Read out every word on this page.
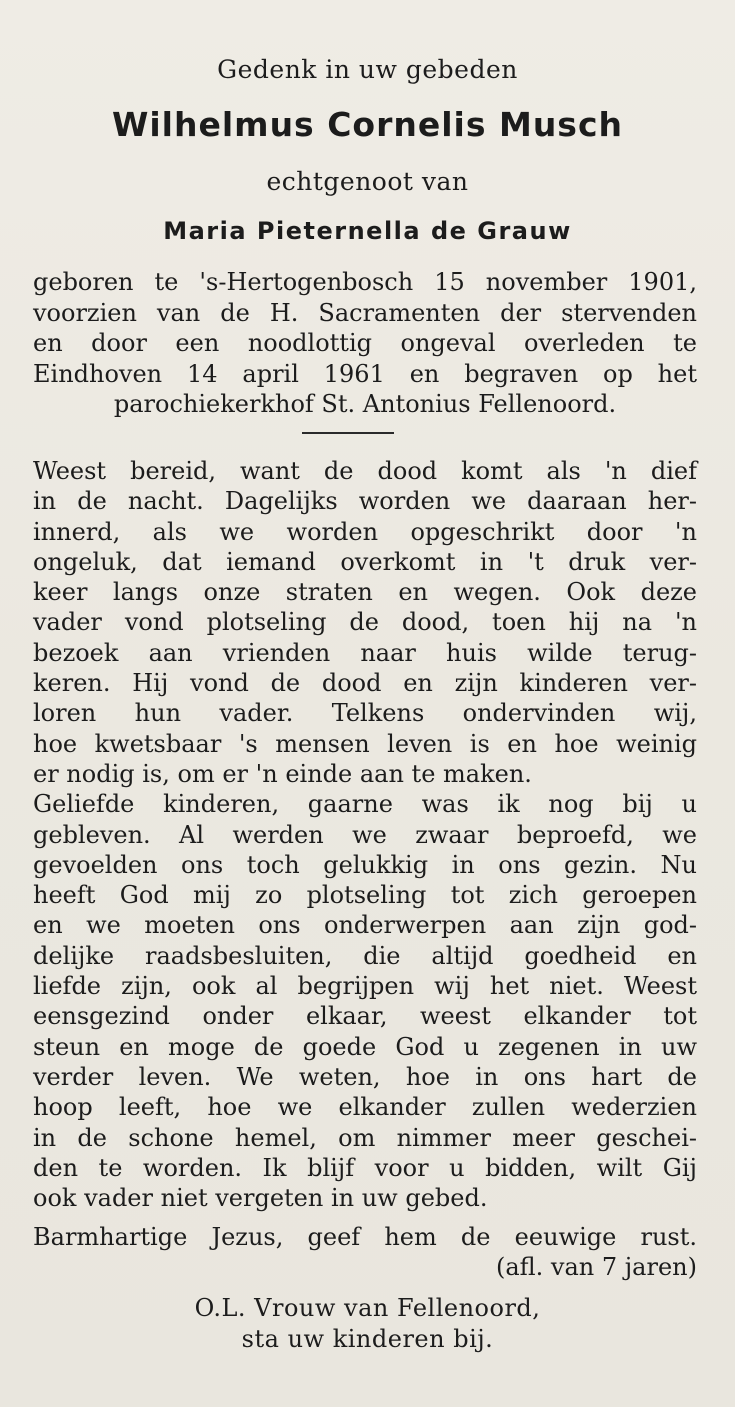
Gedenk in uw gebeden
Wilhelmus Cornelis Musch
echtgenoot van
Maria Pieternella de Grauw
geboren te 's-Hertogenbosch 15 november 1901,
voorzien van de H. Sacramenten der stervenden
en door een noodlottig ongeval overleden te
Eindhoven 14 april 1961 en begraven op het
parochiekerkhof St. Antonius Fellenoord.
Weest bereid, want de dood komt als 'n dief
in de nacht. Dagelijks worden we daaraan her-
innerd, als we worden opgeschrikt door 'n
ongeluk, dat iemand overkomt in 't druk ver-
keer langs onze straten en wegen. Ook deze
vader vond plotseling de dood, toen hij na 'n
bezoek aan vrienden naar huis wilde terug-
keren. Hij vond de dood en zijn kinderen ver-
loren hun vader. Telkens ondervinden wij,
hoe kwetsbaar 's mensen leven is en hoe weinig
er nodig is, om er 'n einde aan te maken.
Geliefde kinderen, gaarne was ik nog bij u
gebleven. Al werden we zwaar beproefd, we
gevoelden ons toch gelukkig in ons gezin. Nu
heeft God mij zo plotseling tot zich geroepen
en we moeten ons onderwerpen aan zijn god-
delijke raadsbesluiten, die altijd goedheid en
liefde zijn, ook al begrijpen wij het niet. Weest
eensgezind onder elkaar, weest elkander tot
steun en moge de goede God u zegenen in uw
verder leven. We weten, hoe in ons hart de
hoop leeft, hoe we elkander zullen wederzien
in de schone hemel, om nimmer meer geschei-
den te worden. Ik blijf voor u bidden, wilt Gij
ook vader niet vergeten in uw gebed.
Barmhartige Jezus, geef hem de eeuwige rust.
(afl. van 7 jaren)
O.L. Vrouw van Fellenoord,
sta uw kinderen bij.
